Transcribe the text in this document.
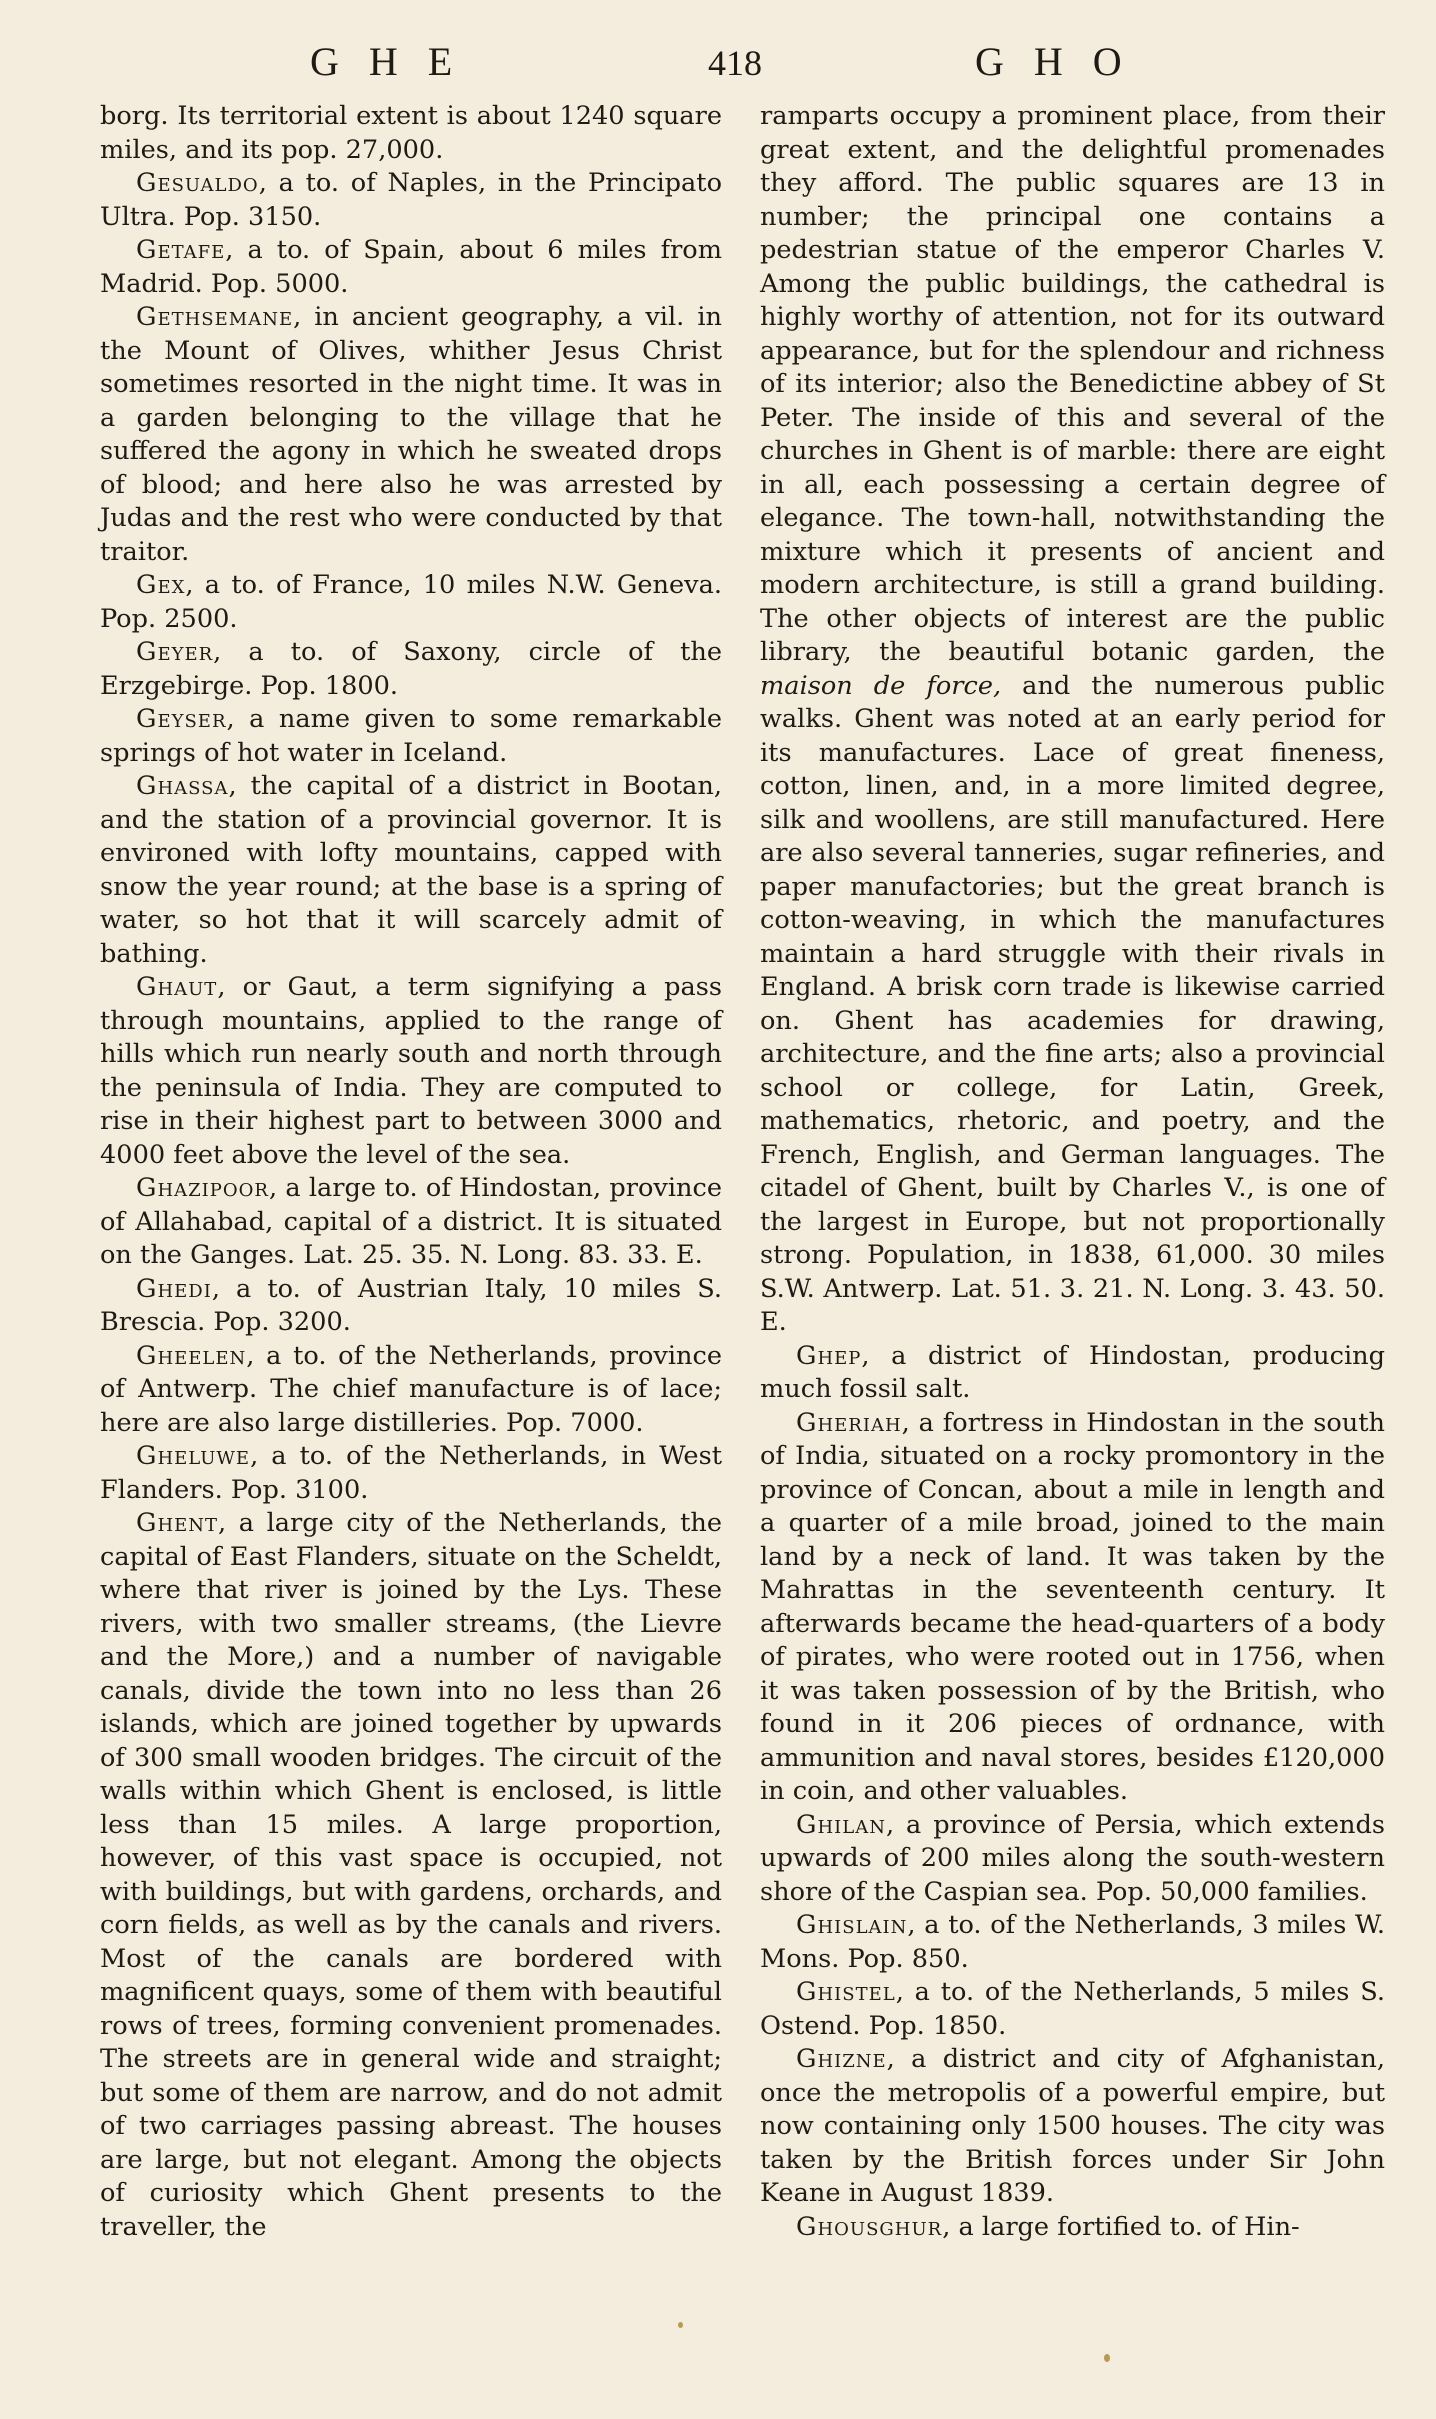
GHE	418	GHO

borg. Its territorial extent is about 1240 square miles, and its pop. 27,000.

Gesualdo, a to. of Naples, in the Principato Ultra. Pop. 3150.

Getafe, a to. of Spain, about 6 miles from Madrid. Pop. 5000.

Gethsemane, in ancient geography, a vil. in the Mount of Olives, whither Jesus Christ sometimes resorted in the night time. It was in a garden belonging to the village that he suffered the agony in which he sweated drops of blood; and here also he was arrested by Judas and the rest who were conducted by that traitor.

Gex, a to. of France, 10 miles N.W. Geneva. Pop. 2500.

Geyer, a to. of Saxony, circle of the Erzgebirge. Pop. 1800.

Geyser, a name given to some remarkable springs of hot water in Iceland.

Ghassa, the capital of a district in Bootan, and the station of a provincial governor. It is environed with lofty mountains, capped with snow the year round; at the base is a spring of water, so hot that it will scarcely admit of bathing.

Ghaut, or Gaut, a term signifying a pass through mountains, applied to the range of hills which run nearly south and north through the peninsula of India. They are computed to rise in their highest part to between 3000 and 4000 feet above the level of the sea.

Ghazipoor, a large to. of Hindostan, province of Allahabad, capital of a district. It is situated on the Ganges. Lat. 25. 35. N. Long. 83. 33. E.

Ghedi, a to. of Austrian Italy, 10 miles S. Brescia. Pop. 3200.

Gheelen, a to. of the Netherlands, province of Antwerp. The chief manufacture is of lace; here are also large distilleries. Pop. 7000.

Gheluwe, a to. of the Netherlands, in West Flanders. Pop. 3100.

Ghent, a large city of the Netherlands, the capital of East Flanders, situate on the Scheldt, where that river is joined by the Lys. These rivers, with two smaller streams, (the Lievre and the More,) and a number of navigable canals, divide the town into no less than 26 islands, which are joined together by upwards of 300 small wooden bridges. The circuit of the walls within which Ghent is enclosed, is little less than 15 miles. A large proportion, however, of this vast space is occupied, not with buildings, but with gardens, orchards, and corn fields, as well as by the canals and rivers. Most of the canals are bordered with magnificent quays, some of them with beautiful rows of trees, forming convenient promenades. The streets are in general wide and straight; but some of them are narrow, and do not admit of two carriages passing abreast. The houses are large, but not elegant. Among the objects of curiosity which Ghent presents to the traveller, the

ramparts occupy a prominent place, from their great extent, and the delightful promenades they afford. The public squares are 13 in number; the principal one contains a pedestrian statue of the emperor Charles V. Among the public buildings, the cathedral is highly worthy of attention, not for its outward appearance, but for the splendour and richness of its interior; also the Benedictine abbey of St Peter. The inside of this and several of the churches in Ghent is of marble: there are eight in all, each possessing a certain degree of elegance. The town-hall, notwithstanding the mixture which it presents of ancient and modern architecture, is still a grand building. The other objects of interest are the public library, the beautiful botanic garden, the maison de force, and the numerous public walks. Ghent was noted at an early period for its manufactures. Lace of great fineness, cotton, linen, and, in a more limited degree, silk and woollens, are still manufactured. Here are also several tanneries, sugar refineries, and paper manufactories; but the great branch is cotton-weaving, in which the manufactures maintain a hard struggle with their rivals in England. A brisk corn trade is likewise carried on. Ghent has academies for drawing, architecture, and the fine arts; also a provincial school or college, for Latin, Greek, mathematics, rhetoric, and poetry, and the French, English, and German languages. The citadel of Ghent, built by Charles V., is one of the largest in Europe, but not proportionally strong. Population, in 1838, 61,000. 30 miles S.W. Antwerp. Lat. 51. 3. 21. N. Long. 3. 43. 50. E.

Ghep, a district of Hindostan, producing much fossil salt.

Gheriah, a fortress in Hindostan in the south of India, situated on a rocky promontory in the province of Concan, about a mile in length and a quarter of a mile broad, joined to the main land by a neck of land. It was taken by the Mahrattas in the seventeenth century. It afterwards became the head-quarters of a body of pirates, who were rooted out in 1756, when it was taken possession of by the British, who found in it 206 pieces of ordnance, with ammunition and naval stores, besides £120,000 in coin, and other valuables.

Ghilan, a province of Persia, which extends upwards of 200 miles along the south-western shore of the Caspian sea. Pop. 50,000 families.

Ghislain, a to. of the Netherlands, 3 miles W. Mons. Pop. 850.

Ghistel, a to. of the Netherlands, 5 miles S. Ostend. Pop. 1850.

Ghizne, a district and city of Afghanistan, once the metropolis of a powerful empire, but now containing only 1500 houses. The city was taken by the British forces under Sir John Keane in August 1839.

Ghousghur, a large fortified to. of Hin-
